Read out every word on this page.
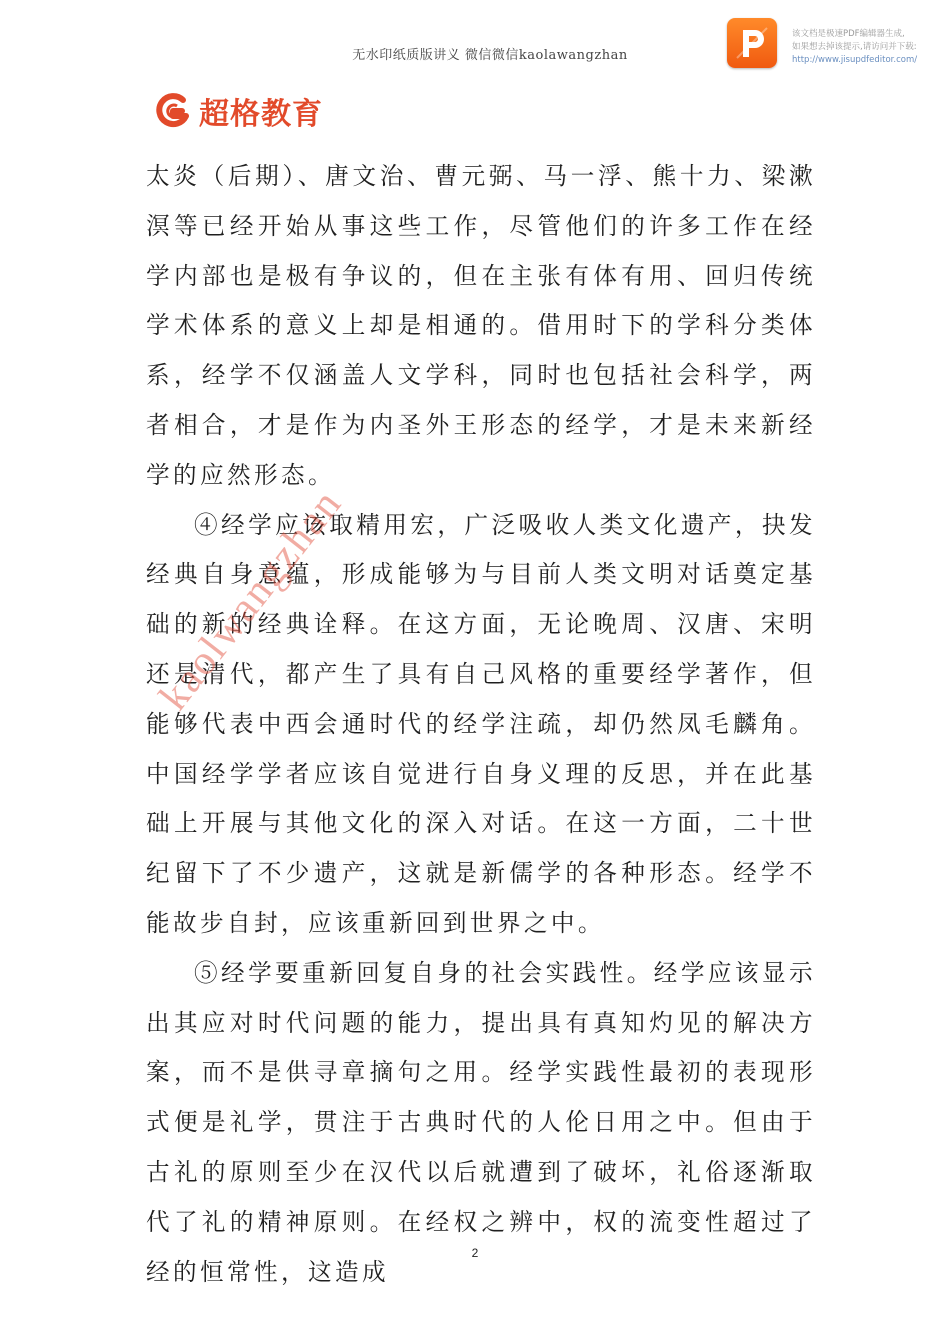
无水印纸质版讲义 微信微信kaolawangzhan
该文档是极速PDF编辑器生成,
如果想去掉该提示,请访问并下载:
http://www.jisupdfeditor.com/
超格教育

太炎（后期）、唐文治、曹元弼、马一浮、熊十力、梁漱溟等已经开始从事这些工作，尽管他们的许多工作在经学内部也是极有争议的，但在主张有体有用、回归传统学术体系的意义上却是相通的。借用时下的学科分类体系，经学不仅涵盖人文学科，同时也包括社会科学，两者相合，才是作为内圣外王形态的经学，才是未来新经学的应然形态。

④经学应该取精用宏，广泛吸收人类文化遗产，抉发经典自身意蕴，形成能够为与目前人类文明对话奠定基础的新的经典诠释。在这方面，无论晚周、汉唐、宋明还是清代，都产生了具有自己风格的重要经学著作，但能够代表中西会通时代的经学注疏，却仍然凤毛麟角。中国经学学者应该自觉进行自身义理的反思，并在此基础上开展与其他文化的深入对话。在这一方面，二十世纪留下了不少遗产，这就是新儒学的各种形态。经学不能故步自封，应该重新回到世界之中。

⑤经学要重新回复自身的社会实践性。经学应该显示出其应对时代问题的能力，提出具有真知灼见的解决方案，而不是供寻章摘句之用。经学实践性最初的表现形式便是礼学，贯注于古典时代的人伦日用之中。但由于古礼的原则至少在汉代以后就遭到了破坏，礼俗逐渐取代了礼的精神原则。在经权之辨中，权的流变性超过了经的恒常性，这造成

kaolwangzhan
2
